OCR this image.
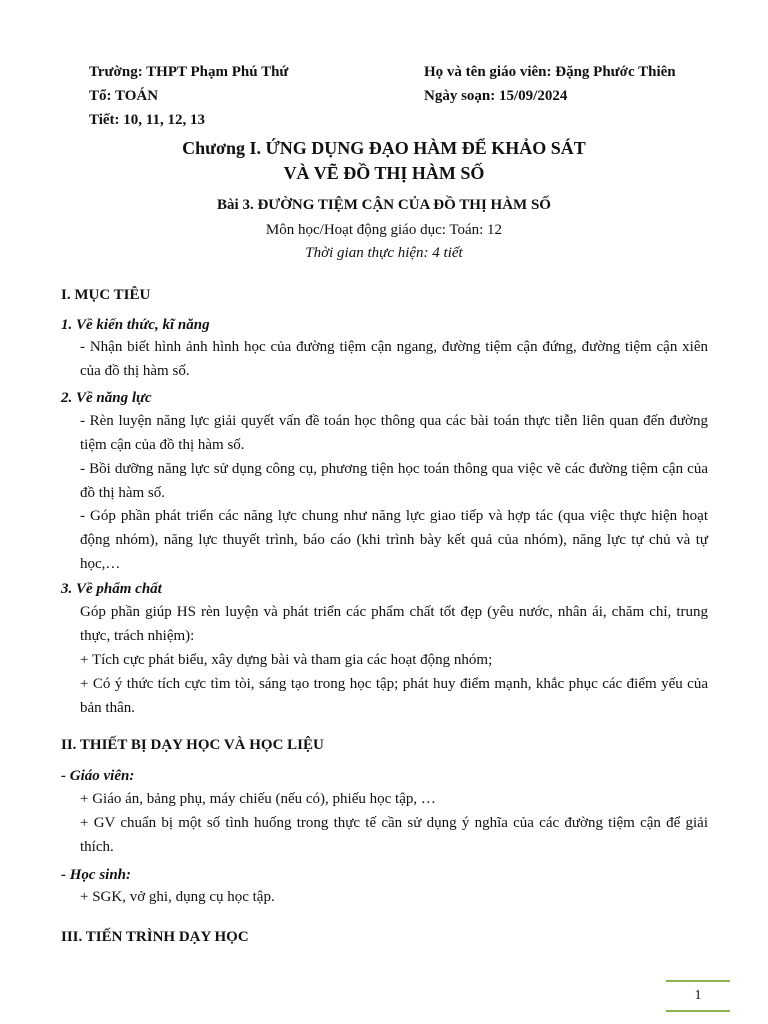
Trường: THPT Phạm Phú Thứ
Tổ: TOÁN
Tiết: 10, 11, 12, 13
Họ và tên giáo viên: Đặng Phước Thiên
Ngày soạn: 15/09/2024
Chương I. ỨNG DỤNG ĐẠO HÀM ĐỂ KHẢO SÁT
VÀ VẼ ĐỒ THỊ HÀM SỐ
Bài 3. ĐƯỜNG TIỆM CẬN CỦA ĐỒ THỊ HÀM SỐ
Môn học/Hoạt động giáo dục: Toán: 12
Thời gian thực hiện: 4 tiết
I. MỤC TIÊU
1. Về kiến thức, kĩ năng
- Nhận biết hình ảnh hình học của đường tiệm cận ngang, đường tiệm cận đứng, đường tiệm cận xiên của đồ thị hàm số.
2. Về năng lực
- Rèn luyện năng lực giải quyết vấn đề toán học thông qua các bài toán thực tiễn liên quan đến đường tiệm cận của đồ thị hàm số.
- Bồi dưỡng năng lực sử dụng công cụ, phương tiện học toán thông qua việc vẽ các đường tiệm cận của đồ thị hàm số.
- Góp phần phát triển các năng lực chung như năng lực giao tiếp và hợp tác (qua việc thực hiện hoạt động nhóm), năng lực thuyết trình, báo cáo (khi trình bày kết quả của nhóm), năng lực tự chủ và tự học,…
3. Về phẩm chất
Góp phần giúp HS rèn luyện và phát triển các phẩm chất tốt đẹp (yêu nước, nhân ái, chăm chỉ, trung thực, trách nhiệm):
+ Tích cực phát biểu, xây dựng bài và tham gia các hoạt động nhóm;
+ Có ý thức tích cực tìm tòi, sáng tạo trong học tập; phát huy điểm mạnh, khắc phục các điểm yếu của bản thân.
II. THIẾT BỊ DẠY HỌC VÀ HỌC LIỆU
- Giáo viên:
+ Giáo án, bảng phụ, máy chiếu (nếu có), phiếu học tập, …
+ GV chuẩn bị một số tình huống trong thực tế cần sử dụng ý nghĩa của các đường tiệm cận để giải thích.
- Học sinh:
+ SGK, vở ghi, dụng cụ học tập.
III. TIẾN TRÌNH DẠY HỌC
1
